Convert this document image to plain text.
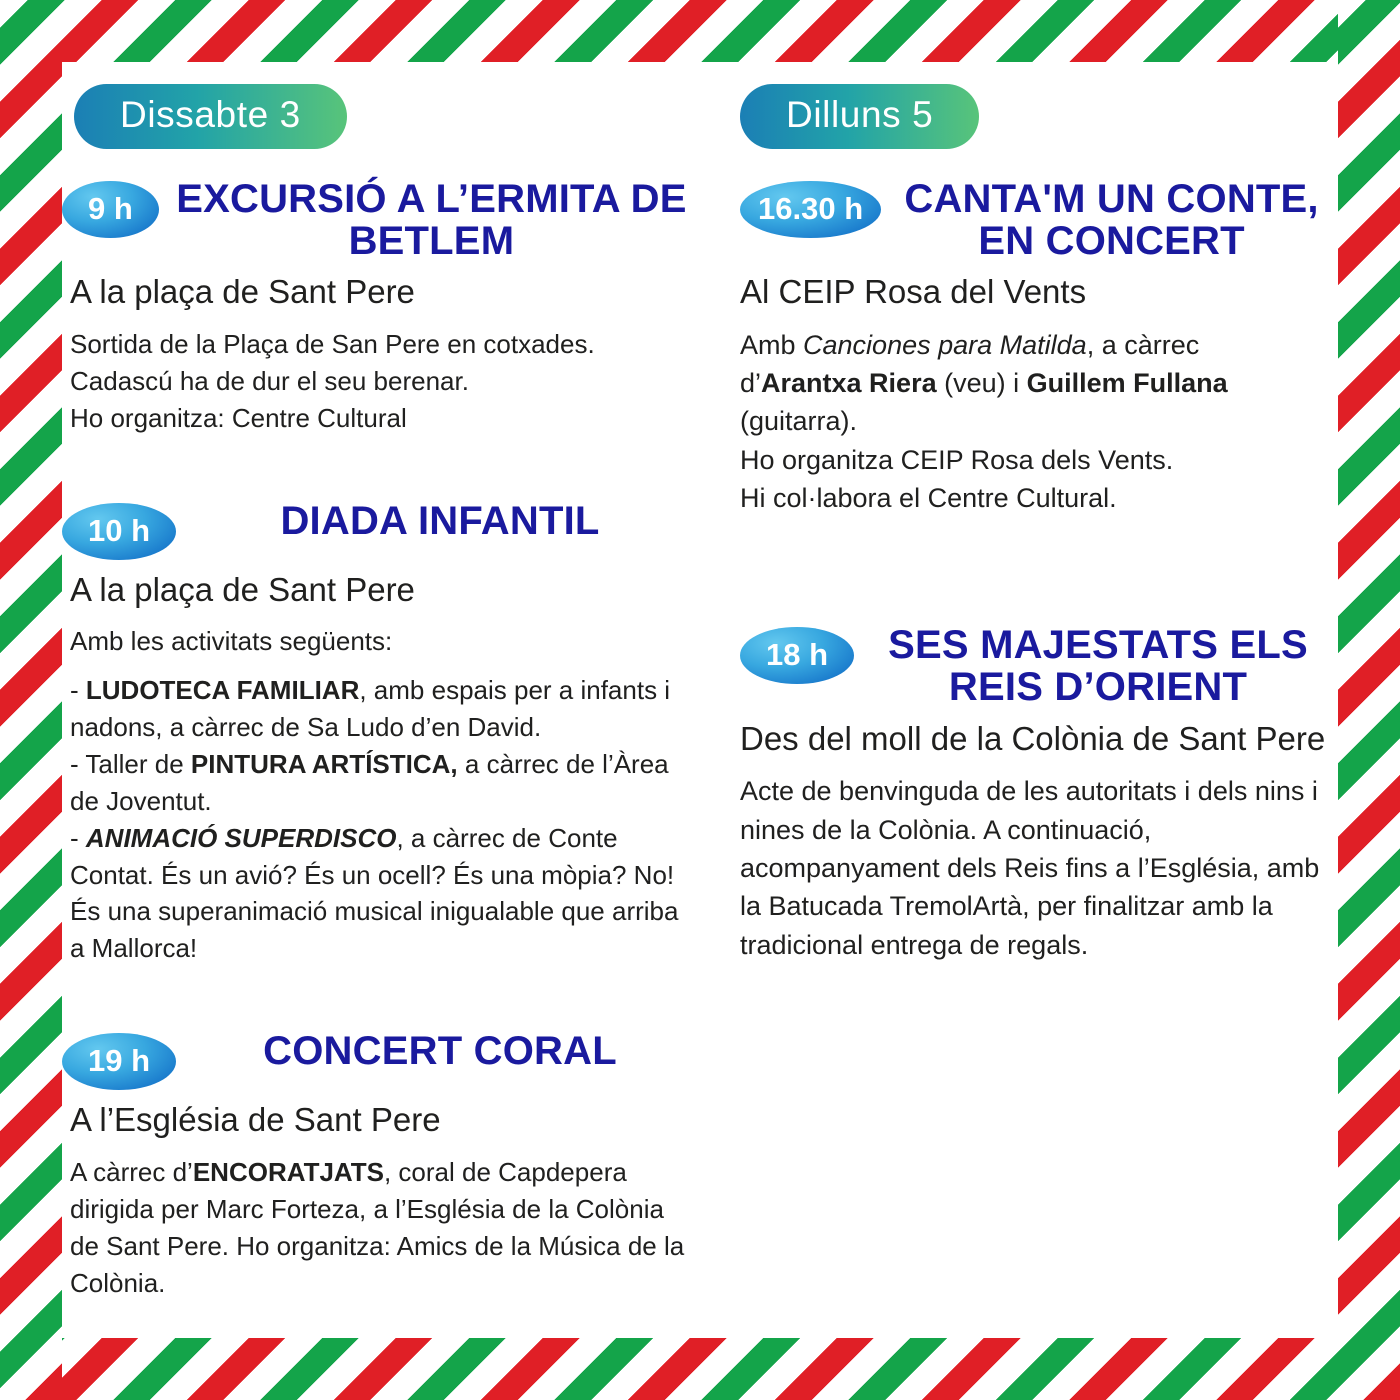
Dissabte 3
9 h	EXCURSIÓ A L’ERMITA DE BETLEM
A la plaça de Sant Pere

Sortida de la Plaça de San Pere en cotxades.

Cadascú ha de dur el seu berenar.

Ho organitza: Centre Cultural

10 h	DIADA INFANTIL
A la plaça de Sant Pere

Amb les activitats següents:

- LUDOTECA FAMILIAR, amb espais per a infants i nadons, a càrrec de Sa Ludo d’en David.

- Taller de PINTURA ARTÍSTICA, a càrrec de l’Àrea de Joventut.

- ANIMACIÓ SUPERDISCO, a càrrec de Conte Contat. És un avió? És un ocell? És una mòpia? No! És una superanimació musical inigualable que arriba a Mallorca!

19 h	CONCERT CORAL
A l’Església de Sant Pere

A càrrec d’ENCORATJATS, coral de Capdepera dirigida per Marc Forteza, a l’Església de la Colònia de Sant Pere. Ho organitza: Amics de la Música de la Colònia.

Dilluns 5
16.30 h	CANTA'M UN CONTE, EN CONCERT
Al CEIP Rosa del Vents

Amb Canciones para Matilda, a càrrec d’Arantxa Riera (veu) i Guillem Fullana (guitarra).

Ho organitza CEIP Rosa dels Vents.

Hi col·labora el Centre Cultural.

18 h	SES MAJESTATS ELS REIS D’ORIENT
Des del moll de la Colònia de Sant Pere

Acte de benvinguda de les autoritats i dels nins i nines de la Colònia. A continuació, acompanyament dels Reis fins a l’Església, amb la Batucada TremolArtà, per finalitzar amb la tradicional entrega de regals.
